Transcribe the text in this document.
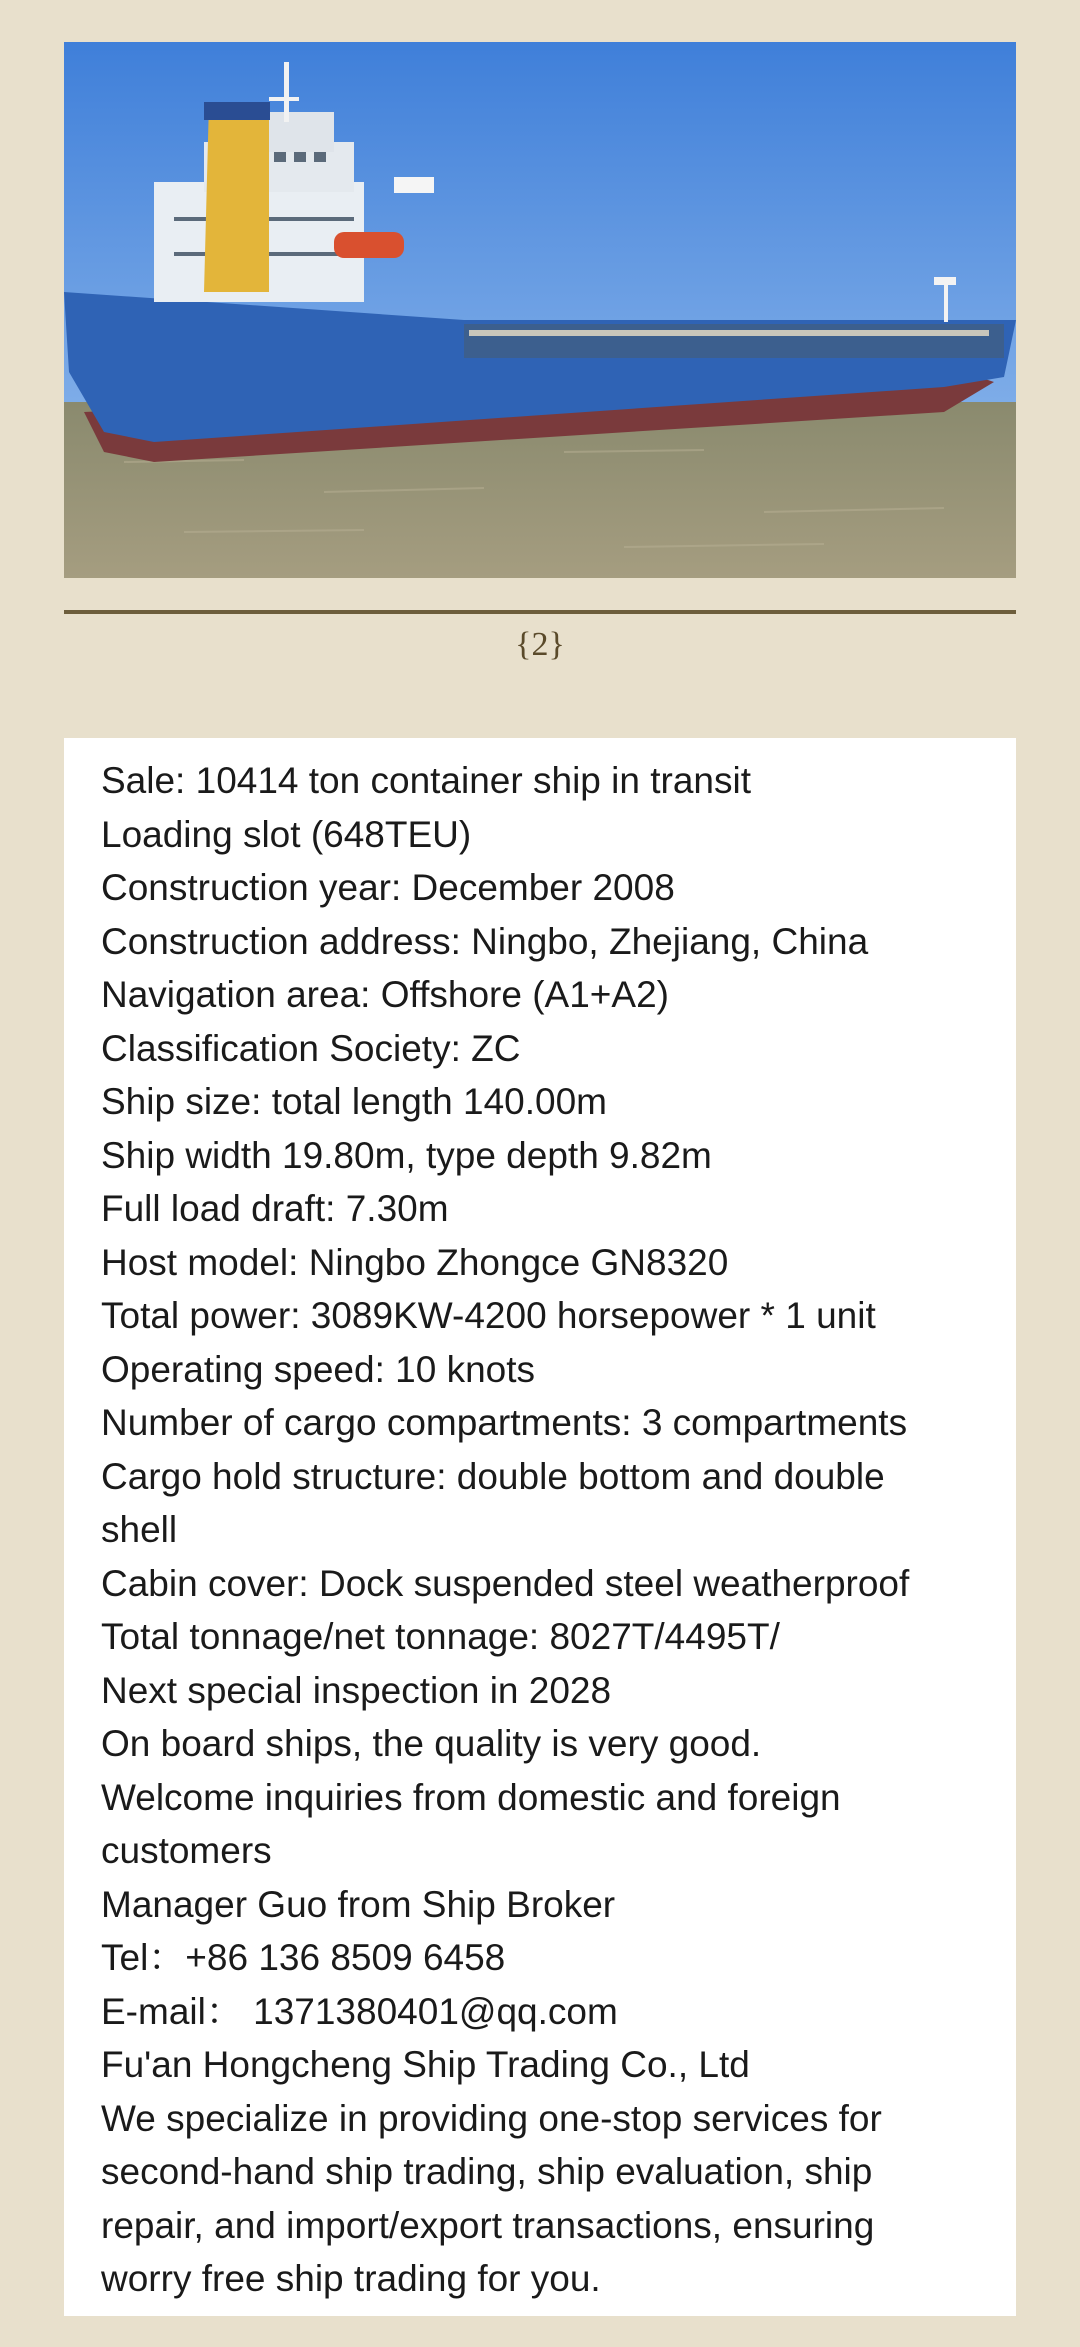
{2}
Sale: 10414 ton container ship in transit
Loading slot (648TEU)
Construction year: December 2008
Construction address: Ningbo, Zhejiang, China
Navigation area: Offshore (A1+A2)
Classification Society: ZC
Ship size: total length 140.00m
Ship width 19.80m, type depth 9.82m
Full load draft: 7.30m
Host model: Ningbo Zhongce GN8320
Total power: 3089KW-4200 horsepower * 1 unit
Operating speed: 10 knots
Number of cargo compartments: 3 compartments
Cargo hold structure: double bottom and double
shell
Cabin cover: Dock suspended steel weatherproof
Total tonnage/net tonnage: 8027T/4495T/
Next special inspection in 2028
On board ships, the quality is very good.
Welcome inquiries from domestic and foreign
customers
Manager Guo from Ship Broker
Tel：+86 136 8509 6458
E-mail： 1371380401@qq.com
Fu'an Hongcheng Ship Trading Co., Ltd
We specialize in providing one-stop services for
second-hand ship trading, ship evaluation, ship
repair, and import/export transactions, ensuring
worry free ship trading for you.
